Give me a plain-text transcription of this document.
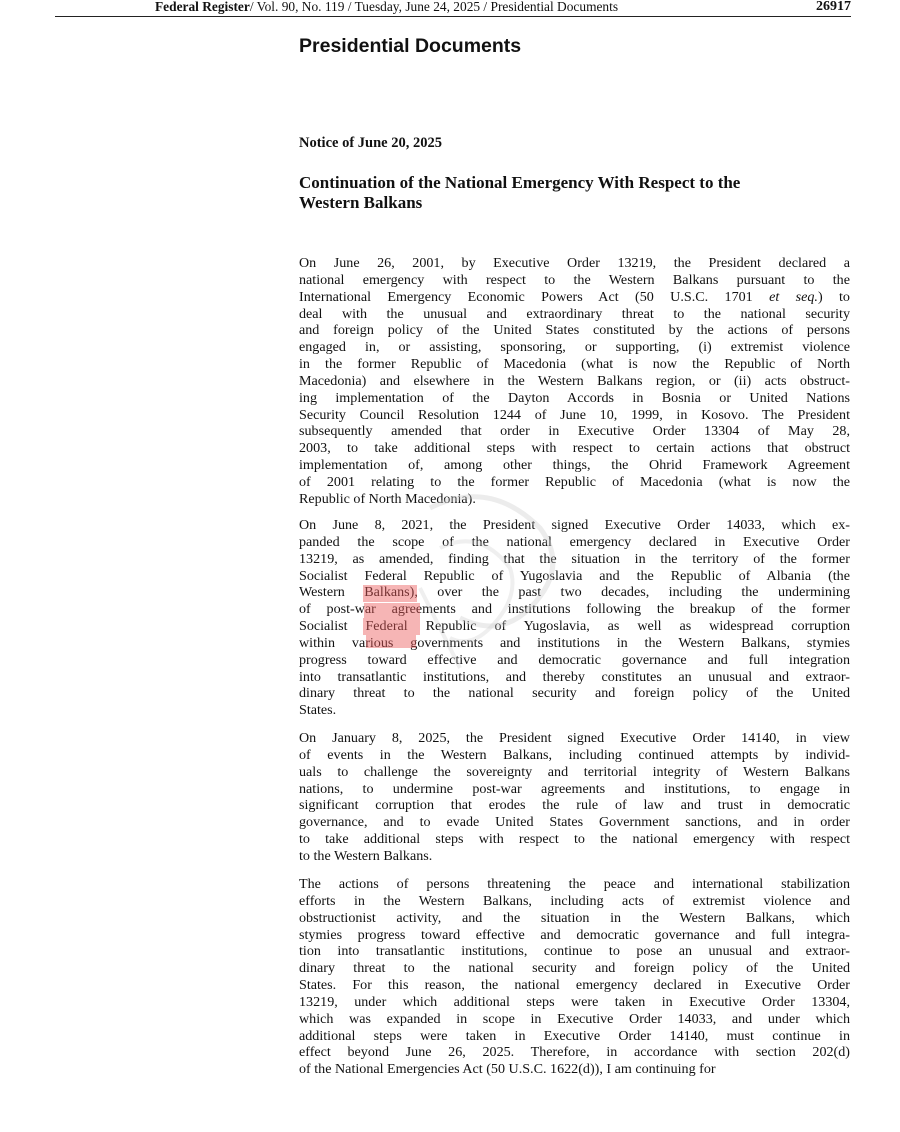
Federal Register/ Vol. 90, No. 119 / Tuesday, June 24, 2025 / Presidential Documents	26917
Presidential Documents
Notice of June 20, 2025
Continuation of the National Emergency With Respect to the
Western Balkans
On June 26, 2001, by Executive Order 13219, the President declared a
national emergency with respect to the Western Balkans pursuant to the
International Emergency Economic Powers Act (50 U.S.C. 1701 et seq.) to
deal with the unusual and extraordinary threat to the national security
and foreign policy of the United States constituted by the actions of persons
engaged in, or assisting, sponsoring, or supporting, (i) extremist violence
in the former Republic of Macedonia (what is now the Republic of North
Macedonia) and elsewhere in the Western Balkans region, or (ii) acts obstruct-
ing implementation of the Dayton Accords in Bosnia or United Nations
Security Council Resolution 1244 of June 10, 1999, in Kosovo. The President
subsequently amended that order in Executive Order 13304 of May 28,
2003, to take additional steps with respect to certain actions that obstruct
implementation of, among other things, the Ohrid Framework Agreement
of 2001 relating to the former Republic of Macedonia (what is now the
Republic of North Macedonia).
On June 8, 2021, the President signed Executive Order 14033, which ex-
panded the scope of the national emergency declared in Executive Order
13219, as amended, finding that the situation in the territory of the former
Socialist Federal Republic of Yugoslavia and the Republic of Albania (the
Western Balkans), over the past two decades, including the undermining
of post-war agreements and institutions following the breakup of the former
Socialist Federal Republic of Yugoslavia, as well as widespread corruption
within various governments and institutions in the Western Balkans, stymies
progress toward effective and democratic governance and full integration
into transatlantic institutions, and thereby constitutes an unusual and extraor-
dinary threat to the national security and foreign policy of the United
States.
On January 8, 2025, the President signed Executive Order 14140, in view
of events in the Western Balkans, including continued attempts by individ-
uals to challenge the sovereignty and territorial integrity of Western Balkans
nations, to undermine post-war agreements and institutions, to engage in
significant corruption that erodes the rule of law and trust in democratic
governance, and to evade United States Government sanctions, and in order
to take additional steps with respect to the national emergency with respect
to the Western Balkans.
The actions of persons threatening the peace and international stabilization
efforts in the Western Balkans, including acts of extremist violence and
obstructionist activity, and the situation in the Western Balkans, which
stymies progress toward effective and democratic governance and full integra-
tion into transatlantic institutions, continue to pose an unusual and extraor-
dinary threat to the national security and foreign policy of the United
States. For this reason, the national emergency declared in Executive Order
13219, under which additional steps were taken in Executive Order 13304,
which was expanded in scope in Executive Order 14033, and under which
additional steps were taken in Executive Order 14140, must continue in
effect beyond June 26, 2025. Therefore, in accordance with section 202(d)
of the National Emergencies Act (50 U.S.C. 1622(d)), I am continuing for
